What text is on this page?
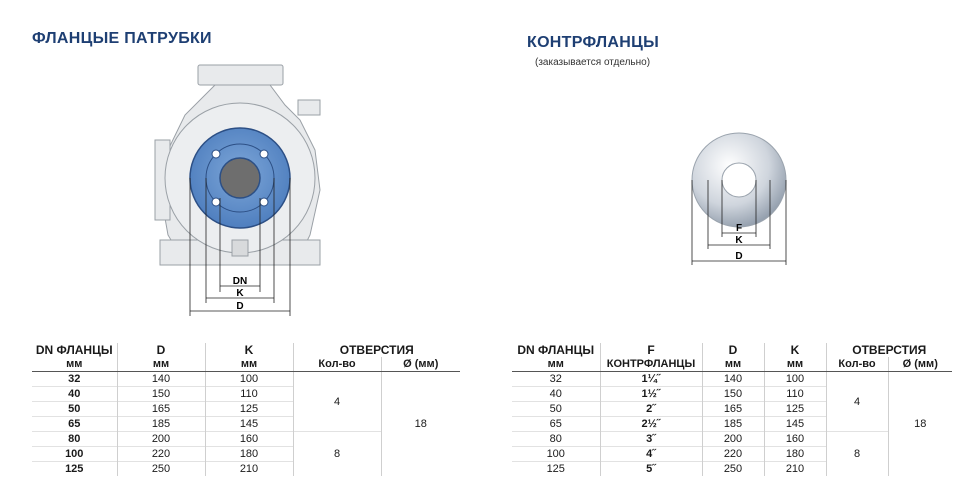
ФЛАНЦЫЕ ПАТРУБКИ	КОНТРФЛАНЦЫ
(заказывается отдельно)
DN
K
D
F
K
D
DN ФЛАНЦЫ	D	K	ОТВЕРСТИЯ	
мм	мм	мм	Кол-во	Ø (мм)
32	140	100	4	18
40	150	110		
50	165	125		
65	185	145		
80	200	160	8	
100	220	180		
125	250	210		
DN ФЛАНЦЫ	F	D	K	ОТВЕРСТИЯ	
мм	КОНТРФЛАНЦЫ	мм	мм	Кол-во	Ø (мм)
32	1¼˝	140	100	4	18
40	1½˝	150	110		
50	2˝	165	125		
65	2½˝	185	145		
80	3˝	200	160	8	
100	4˝	220	180		
125	5˝	250	210		
